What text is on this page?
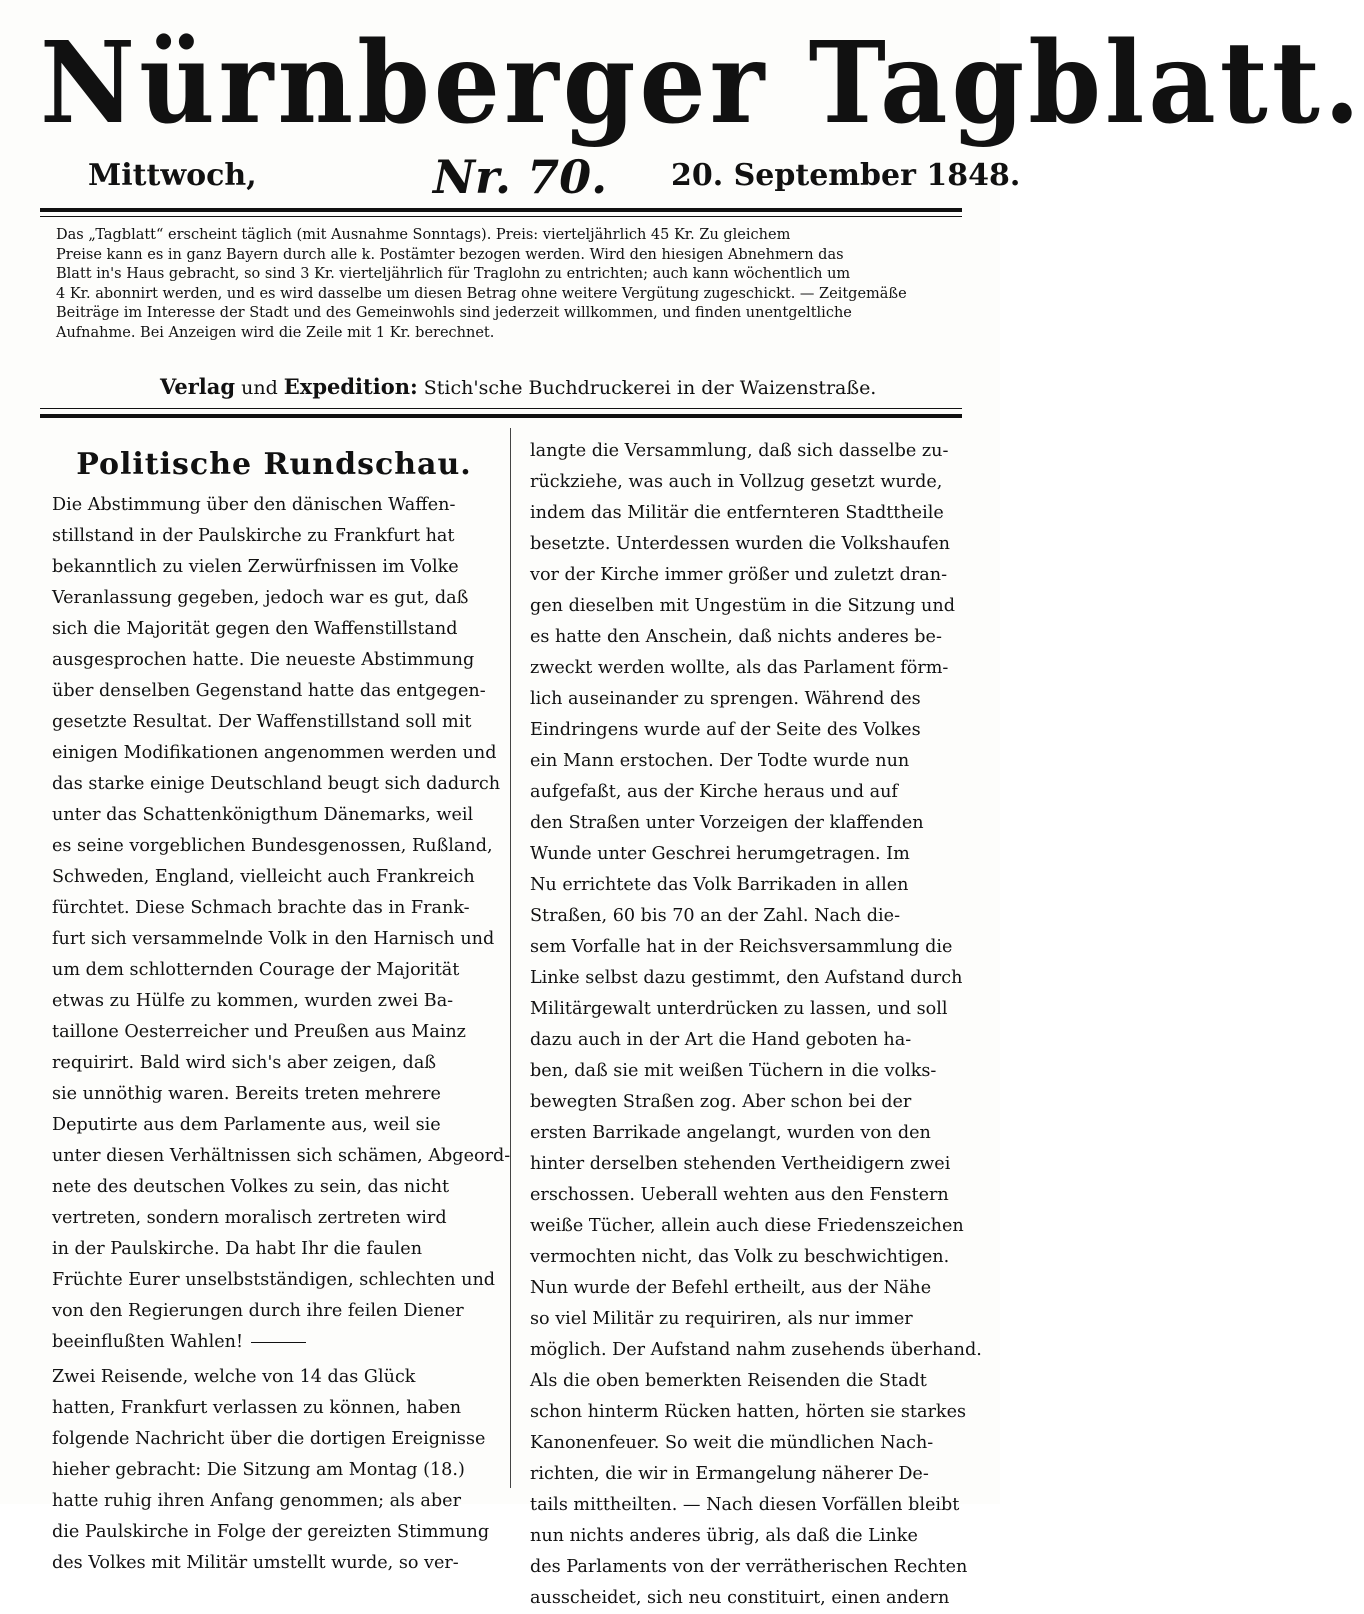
Nürnberger Tagblatt.
Mittwoch,	Nr. 70. 20. September 1848.
Das „Tagblatt“ erscheint täglich (mit Ausnahme Sonntags). Preis: vierteljährlich 45 Kr. Zu gleichem
Preise kann es in ganz Bayern durch alle k. Postämter bezogen werden. Wird den hiesigen Abnehmern das
Blatt in's Haus gebracht, so sind 3 Kr. vierteljährlich für Traglohn zu entrichten; auch kann wöchentlich um
4 Kr. abonnirt werden, und es wird dasselbe um diesen Betrag ohne weitere Vergütung zugeschickt. — Zeitgemäße
Beiträge im Interesse der Stadt und des Gemeinwohls sind jederzeit willkommen, und finden unentgeltliche
Aufnahme. Bei Anzeigen wird die Zeile mit 1 Kr. berechnet.
Verlag und Expedition: Stich'sche Buchdruckerei in der Waizenstraße.
Politische Rundschau.
Die Abstimmung über den dänischen Waffen-
stillstand in der Paulskirche zu Frankfurt hat
bekanntlich zu vielen Zerwürfnissen im Volke
Veranlassung gegeben, jedoch war es gut, daß
sich die Majorität gegen den Waffenstillstand
ausgesprochen hatte. Die neueste Abstimmung
über denselben Gegenstand hatte das entgegen-
gesetzte Resultat. Der Waffenstillstand soll mit
einigen Modifikationen angenommen werden und
das starke einige Deutschland beugt sich dadurch
unter das Schattenkönigthum Dänemarks, weil
es seine vorgeblichen Bundesgenossen, Rußland,
Schweden, England, vielleicht auch Frankreich
fürchtet. Diese Schmach brachte das in Frank-
furt sich versammelnde Volk in den Harnisch und
um dem schlotternden Courage der Majorität
etwas zu Hülfe zu kommen, wurden zwei Ba-
taillone Oesterreicher und Preußen aus Mainz
requirirt. Bald wird sich's aber zeigen, daß
sie unnöthig waren. Bereits treten mehrere
Deputirte aus dem Parlamente aus, weil sie
unter diesen Verhältnissen sich schämen, Abgeord-
nete des deutschen Volkes zu sein, das nicht
vertreten, sondern moralisch zertreten wird
in der Paulskirche. Da habt Ihr die faulen
Früchte Eurer unselbstständigen, schlechten und
von den Regierungen durch ihre feilen Diener
beeinflußten Wahlen!
Zwei Reisende, welche von 14 das Glück
hatten, Frankfurt verlassen zu können, haben
folgende Nachricht über die dortigen Ereignisse
hieher gebracht: Die Sitzung am Montag (18.)
hatte ruhig ihren Anfang genommen; als aber
die Paulskirche in Folge der gereizten Stimmung
des Volkes mit Militär umstellt wurde, so ver-
langte die Versammlung, daß sich dasselbe zu-
rückziehe, was auch in Vollzug gesetzt wurde,
indem das Militär die entfernteren Stadttheile
besetzte. Unterdessen wurden die Volkshaufen
vor der Kirche immer größer und zuletzt dran-
gen dieselben mit Ungestüm in die Sitzung und
es hatte den Anschein, daß nichts anderes be-
zweckt werden wollte, als das Parlament förm-
lich auseinander zu sprengen. Während des
Eindringens wurde auf der Seite des Volkes
ein Mann erstochen. Der Todte wurde nun
aufgefaßt, aus der Kirche heraus und auf
den Straßen unter Vorzeigen der klaffenden
Wunde unter Geschrei herumgetragen. Im
Nu errichtete das Volk Barrikaden in allen
Straßen, 60 bis 70 an der Zahl. Nach die-
sem Vorfalle hat in der Reichsversammlung die
Linke selbst dazu gestimmt, den Aufstand durch
Militärgewalt unterdrücken zu lassen, und soll
dazu auch in der Art die Hand geboten ha-
ben, daß sie mit weißen Tüchern in die volks-
bewegten Straßen zog. Aber schon bei der
ersten Barrikade angelangt, wurden von den
hinter derselben stehenden Vertheidigern zwei
erschossen. Ueberall wehten aus den Fenstern
weiße Tücher, allein auch diese Friedenszeichen
vermochten nicht, das Volk zu beschwichtigen.
Nun wurde der Befehl ertheilt, aus der Nähe
so viel Militär zu requiriren, als nur immer
möglich. Der Aufstand nahm zusehends überhand.
Als die oben bemerkten Reisenden die Stadt
schon hinterm Rücken hatten, hörten sie starkes
Kanonenfeuer. So weit die mündlichen Nach-
richten, die wir in Ermangelung näherer De-
tails mittheilten. — Nach diesen Vorfällen bleibt
nun nichts anderes übrig, als daß die Linke
des Parlaments von der verrätherischen Rechten
ausscheidet, sich neu constituirt, einen andern
